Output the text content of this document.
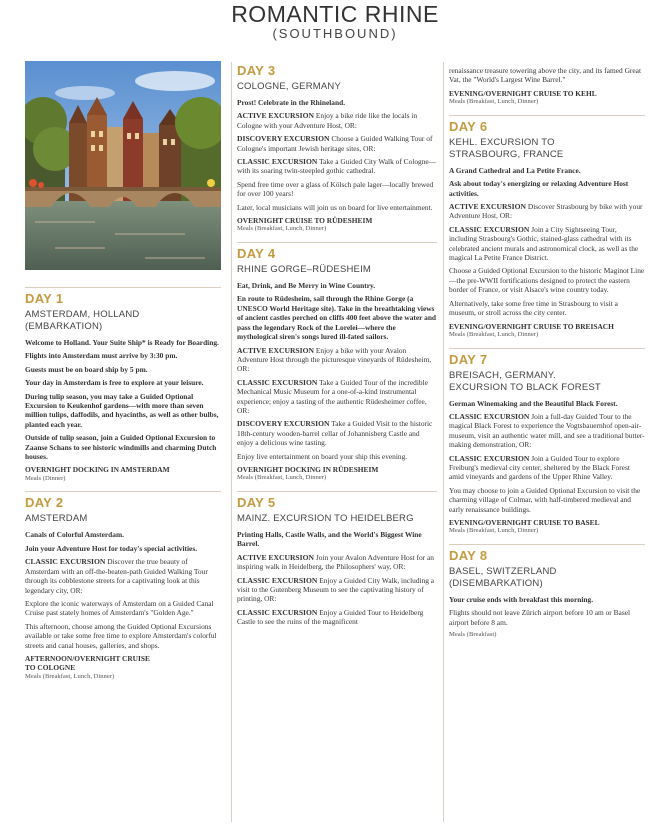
ROMANTIC RHINE
(SOUTHBOUND)
DAY 1
AMSTERDAM, HOLLAND
(EMBARKATION)

Welcome to Holland. Your Suite Ship* is Ready for Boarding.

Flights into Amsterdam must arrive by 3:30 pm.

Guests must be on board ship by 5 pm.

Your day in Amsterdam is free to explore at your leisure.

During tulip season, you may take a Guided Optional Excursion to Keukenhof gardens—with more than seven million tulips, daffodils, and hyacinths, as well as other bulbs, planted each year.

Outside of tulip season, join a Guided Optional Excursion to Zaanse Schans to see historic windmills and charming Dutch houses.

OVERNIGHT DOCKING IN AMSTERDAM
Meals (Dinner)
DAY 2
AMSTERDAM

Canals of Colorful Amsterdam.

Join your Adventure Host for today's special activities.

CLASSIC EXCURSION Discover the true beauty of Amsterdam with an off-the-beaten-path Guided Walking Tour through its cobblestone streets for a captivating look at this legendary city, OR:

Explore the iconic waterways of Amsterdam on a Guided Canal Cruise past stately homes of Amsterdam's "Golden Age."

This afternoon, choose among the Guided Optional Excursions available or take some free time to explore Amsterdam's colorful streets and canal houses, galleries, and shops.

AFTERNOON/OVERNIGHT CRUISE
TO COLOGNE
Meals (Breakfast, Lunch, Dinner)
DAY 3
COLOGNE, GERMANY

Prost! Celebrate in the Rhineland.

ACTIVE EXCURSION Enjoy a bike ride like the locals in Cologne with your Adventure Host, OR:

DISCOVERY EXCURSION Choose a Guided Walking Tour of Cologne's important Jewish heritage sites, OR:

CLASSIC EXCURSION Take a Guided City Walk of Cologne—with its soaring twin-steepled gothic cathedral.

Spend free time over a glass of Kölsch pale lager—locally brewed for over 100 years!

Later, local musicians will join us on board for live entertainment.

OVERNIGHT CRUISE TO RÜDESHEIM
Meals (Breakfast, Lunch, Dinner)
DAY 4
RHINE GORGE–RÜDESHEIM

Eat, Drink, and Be Merry in Wine Country.

En route to Rüdesheim, sail through the Rhine Gorge (a UNESCO World Heritage site). Take in the breathtaking views of ancient castles perched on cliffs 400 feet above the water and pass the legendary Rock of the Lorelei—where the mythological siren's songs lured ill-fated sailors.

ACTIVE EXCURSION Enjoy a bike with your Avalon Adventure Host through the picturesque vineyards of Rüdesheim, OR:

CLASSIC EXCURSION Take a Guided Tour of the incredible Mechanical Music Museum for a one-of-a-kind instrumental experience; enjoy a tasting of the authentic Rüdesheimer coffee, OR:

DISCOVERY EXCURSION Take a Guided Visit to the historic 18th-century wooden-barrel cellar of Johannisberg Castle and enjoy a delicious wine tasting.

Enjoy live entertainment on board your ship this evening.

OVERNIGHT DOCKING IN RÜDESHEIM
Meals (Breakfast, Lunch, Dinner)
DAY 5
MAINZ. EXCURSION TO HEIDELBERG

Printing Halls, Castle Walls, and the World's Biggest Wine Barrel.

ACTIVE EXCURSION Join your Avalon Adventure Host for an inspiring walk in Heidelberg, the Philosophers' way, OR:

CLASSIC EXCURSION Enjoy a Guided City Walk, including a visit to the Gutenberg Museum to see the captivating history of printing, OR:

CLASSIC EXCURSION Enjoy a Guided Tour to Heidelberg Castle to see the ruins of the magnificent

renaissance treasure towering above the city, and its famed Great Vat, the "World's Largest Wine Barrel."

EVENING/OVERNIGHT CRUISE TO KEHL
Meals (Breakfast, Lunch, Dinner)
DAY 6
KEHL. EXCURSION TO
STRASBOURG, FRANCE

A Grand Cathedral and La Petite France.

Ask about today's energizing or relaxing Adventure Host activities.

ACTIVE EXCURSION Discover Strasbourg by bike with your Adventure Host, OR:

CLASSIC EXCURSION Join a City Sightseeing Tour, including Strasbourg's Gothic, stained-glass cathedral with its celebrated ancient murals and astronomical clock, as well as the magical La Petite France District.

Choose a Guided Optional Excursion to the historic Maginot Line—the pre-WWII fortifications designed to protect the eastern border of France, or visit Alsace's wine country today.

Alternatively, take some free time in Strasbourg to visit a museum, or stroll across the city center.

EVENING/OVERNIGHT CRUISE TO BREISACH
Meals (Breakfast, Lunch, Dinner)
DAY 7
BREISACH, GERMANY.
EXCURSION TO BLACK FOREST

German Winemaking and the Beautiful Black Forest.

CLASSIC EXCURSION Join a full-day Guided Tour to the magical Black Forest to experience the Vogtsbauernhof open-air-museum, visit an authentic water mill, and see a traditional butter-making demonstration, OR:

CLASSIC EXCURSION Join a Guided Tour to explore Freiburg's medieval city center, sheltered by the Black Forest amid vineyards and gardens of the Upper Rhine Valley.

You may choose to join a Guided Optional Excursion to visit the charming village of Colmar, with half-timbered medieval and early renaissance buildings.

EVENING/OVERNIGHT CRUISE TO BASEL
Meals (Breakfast, Lunch, Dinner)
DAY 8
BASEL, SWITZERLAND
(DISEMBARKATION)

Your cruise ends with breakfast this morning.

Flights should not leave Zürich airport before 10 am or Basel airport before 8 am.

Meals (Breakfast)
